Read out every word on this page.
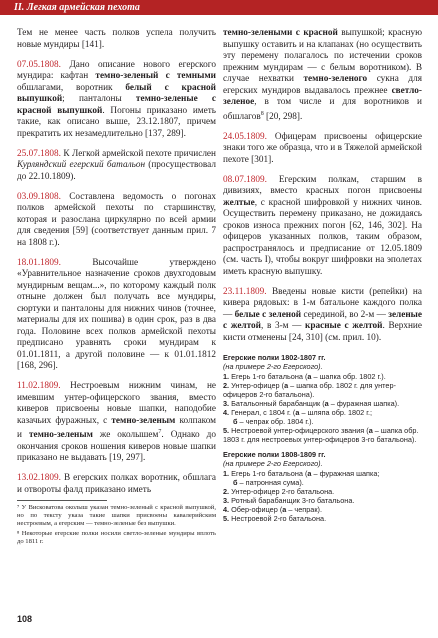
II. Легкая армейская пехота

Тем не менее часть полков успела получить новые мундиры [141].

07.05.1808. Дано описание нового егерского мундира: кафтан темно-зеленый с темными обшлагами, воротник белый с красной выпушкой; панталоны темно-зеленые с красной выпушкой. Погоны приказано иметь такие, как описано выше, 23.12.1807, причем прекратить их незамедлительно [137, 289].

25.07.1808. К Легкой армейской пехоте причислен Курляндский егерский батальон (просуществовал до 22.10.1809).

03.09.1808. Составлена ведомость о погонах полков армейской пехоты по старшинству, которая и разослана циркулярно по всей армии для сведения [59] (соответствует данным прил. 7 на 1808 г.).

18.01.1809. Высочайше утверждено «Уравнительное назначение сроков двухгодовым мундирным вещам...», по которому каждый полк отныне должен был получать все мундиры, сюртуки и панталоны для нижних чинов (точнее, материалы для их пошива) в один срок, раз в два года. Половине всех полков армейской пехоты предписано уравнять сроки мундирам к 01.01.1811, а другой половине — к 01.01.1812 [168, 296].

11.02.1809. Нестроевым нижним чинам, не имевшим унтер-офицерского звания, вместо киверов присвоены новые шапки, наподобие казачьих фуражных, с темно-зеленым колпаком и темно-зеленым же околышем$^7$. Однако до окончания сроков ношения киверов новые шапки приказано не выдавать [19, 297].

13.02.1809. В егерских полках воротник, обшлага и отвороты фалд приказано иметь

⁷ У Висковатова околыш указан темно-зеленый с красной выпушкой, но по тексту указа такие шапки присвоены кавалерийским нестроевым, а егерским — темно-зеленые без выпушки.

⁸ Некоторые егерские полки носили светло-зеленые мундиры вплоть до 1811 г.

темно-зелеными с красной выпушкой; красную выпушку оставить и на клапанах (но осуществить эту перемену полагалось по истечении сроков прежним мундирам — с белым воротником). В случае нехватки темно-зеленого сукна для егерских мундиров выдавалось прежнее светло-зеленое, в том числе и для воротников и обшлагов$^8$ [20, 298].

24.05.1809. Офицерам присвоены офицерские знаки того же образца, что и в Тяжелой армейской пехоте [301].

08.07.1809. Егерским полкам, старшим в дивизиях, вместо красных погон присвоены желтые, с красной шифровкой у нижних чинов. Осуществить перемену приказано, не дожидаясь сроков износа прежних погон [62, 146, 302]. На офицеров указанных полков, таким образом, распространялось и предписание от 12.05.1809 (см. часть I), чтобы вокруг шифровки на эполетах иметь красную выпушку.

23.11.1809. Введены новые кисти (репейки) на кивера рядовых: в 1-м батальоне каждого полка — белые с зеленой серединой, во 2-м — зеленые с желтой, в 3-м — красные с желтой. Верхние кисти отменены [24, 310] (см. прил. 10).

Егерские полки 1802-1807 гг.
(на примере 2-го Егерского).
1. Егерь 1-го батальона (а – шапка обр. 1802 г.).
2. Унтер-офицер (а – шапка обр. 1802 г. для унтер-офицеров 2-го батальона).
3. Батальонный барабанщик (а – фуражная шапка).
4. Генерал, с 1804 г. (а – шляпа обр. 1802 г.;
б – чепрак обр. 1804 г.).
5. Нестроевой унтер-офицерского звания (а – шапка обр. 1803 г. для нестроевых унтер-офицеров 3-го батальона).
Егерские полки 1808-1809 гг.
(на примере 2-го Егерского).
1. Егерь 1-го батальона (а – фуражная шапка;
б – патронная сума).
2. Унтер-офицер 2-го батальона.
3. Ротный барабанщик 3-го батальона.
4. Обер-офицер (а – чепрак).
5. Нестроевой 2-го батальона.
108
